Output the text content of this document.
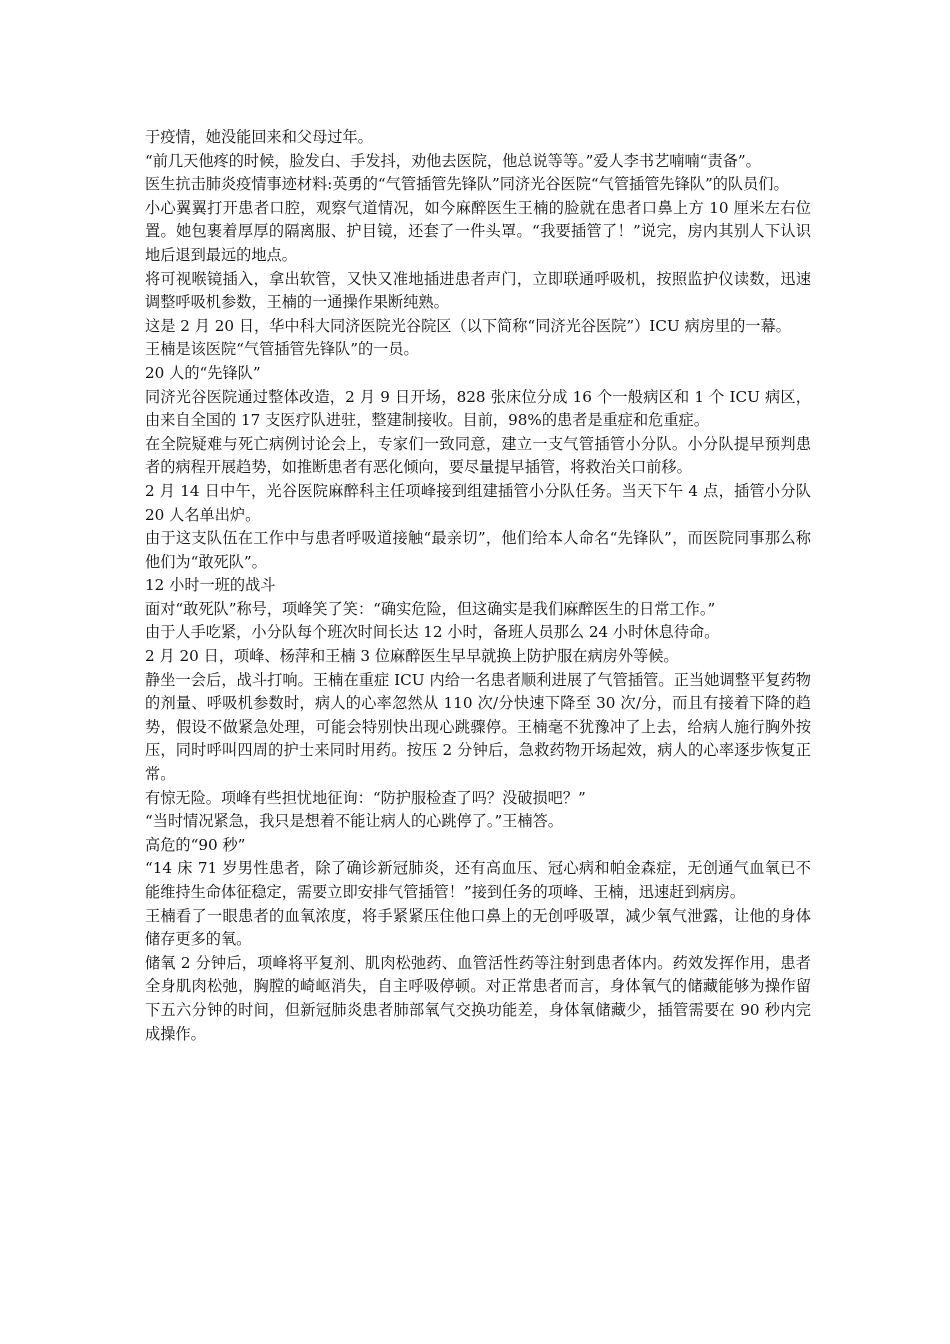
于疫情，她没能回来和父母过年。

“前几天他疼的时候，脸发白、手发抖，劝他去医院，他总说等等。”爱人李书艺喃喃“责备”。

医生抗击肺炎疫情事迹材料:英勇的“气管插管先锋队”同济光谷医院“气管插管先锋队”的队员们。

小心翼翼打开患者口腔，观察气道情况，如今麻醉医生王楠的脸就在患者口鼻上方 10 厘米左右位置。她包裹着厚厚的隔离服、护目镜，还套了一件头罩。“我要插管了！”说完，房内其别人下认识地后退到最远的地点。

将可视喉镜插入，拿出软管，又快又准地插进患者声门，立即联通呼吸机，按照监护仪读数，迅速调整呼吸机参数，王楠的一通操作果断纯熟。

这是 2 月 20 日，华中科大同济医院光谷院区（以下简称“同济光谷医院”）ICU 病房里的一幕。

王楠是该医院“气管插管先锋队”的一员。

20 人的“先锋队”

同济光谷医院通过整体改造，2 月 9 日开场，828 张床位分成 16 个一般病区和 1 个 ICU 病区，由来自全国的 17 支医疗队进驻，整建制接收。目前，98%的患者是重症和危重症。

在全院疑难与死亡病例讨论会上，专家们一致同意，建立一支气管插管小分队。小分队提早预判患者的病程开展趋势，如推断患者有恶化倾向，要尽量提早插管，将救治关口前移。

2 月 14 日中午，光谷医院麻醉科主任项峰接到组建插管小分队任务。当天下午 4 点，插管小分队 20 人名单出炉。

由于这支队伍在工作中与患者呼吸道接触“最亲切”，他们给本人命名“先锋队”，而医院同事那么称他们为“敢死队”。

12 小时一班的战斗

面对“敢死队”称号，项峰笑了笑：“确实危险，但这确实是我们麻醉医生的日常工作。”

由于人手吃紧，小分队每个班次时间长达 12 小时，备班人员那么 24 小时休息待命。

2 月 20 日，项峰、杨萍和王楠 3 位麻醉医生早早就换上防护服在病房外等候。

静坐一会后，战斗打响。王楠在重症 ICU 内给一名患者顺利进展了气管插管。正当她调整平复药物的剂量、呼吸机参数时，病人的心率忽然从 110 次/分快速下降至 30 次/分，而且有接着下降的趋势，假设不做紧急处理，可能会特别快出现心跳骤停。王楠毫不犹豫冲了上去，给病人施行胸外按压，同时呼叫四周的护士来同时用药。按压 2 分钟后，急救药物开场起效，病人的心率逐步恢复正常。

有惊无险。项峰有些担忧地征询：“防护服检查了吗？没破损吧？”

“当时情况紧急，我只是想着不能让病人的心跳停了。”王楠答。

高危的“90 秒”

“14 床 71 岁男性患者，除了确诊新冠肺炎，还有高血压、冠心病和帕金森症，无创通气血氧已不能维持生命体征稳定，需要立即安排气管插管！”接到任务的项峰、王楠，迅速赶到病房。

王楠看了一眼患者的血氧浓度，将手紧紧压住他口鼻上的无创呼吸罩，减少氧气泄露，让他的身体储存更多的氧。

储氧 2 分钟后，项峰将平复剂、肌肉松弛药、血管活性药等注射到患者体内。药效发挥作用，患者全身肌肉松弛，胸膛的崎岖消失，自主呼吸停顿。对正常患者而言，身体氧气的储藏能够为操作留下五六分钟的时间，但新冠肺炎患者肺部氧气交换功能差，身体氧储藏少，插管需要在 90 秒内完成操作。
